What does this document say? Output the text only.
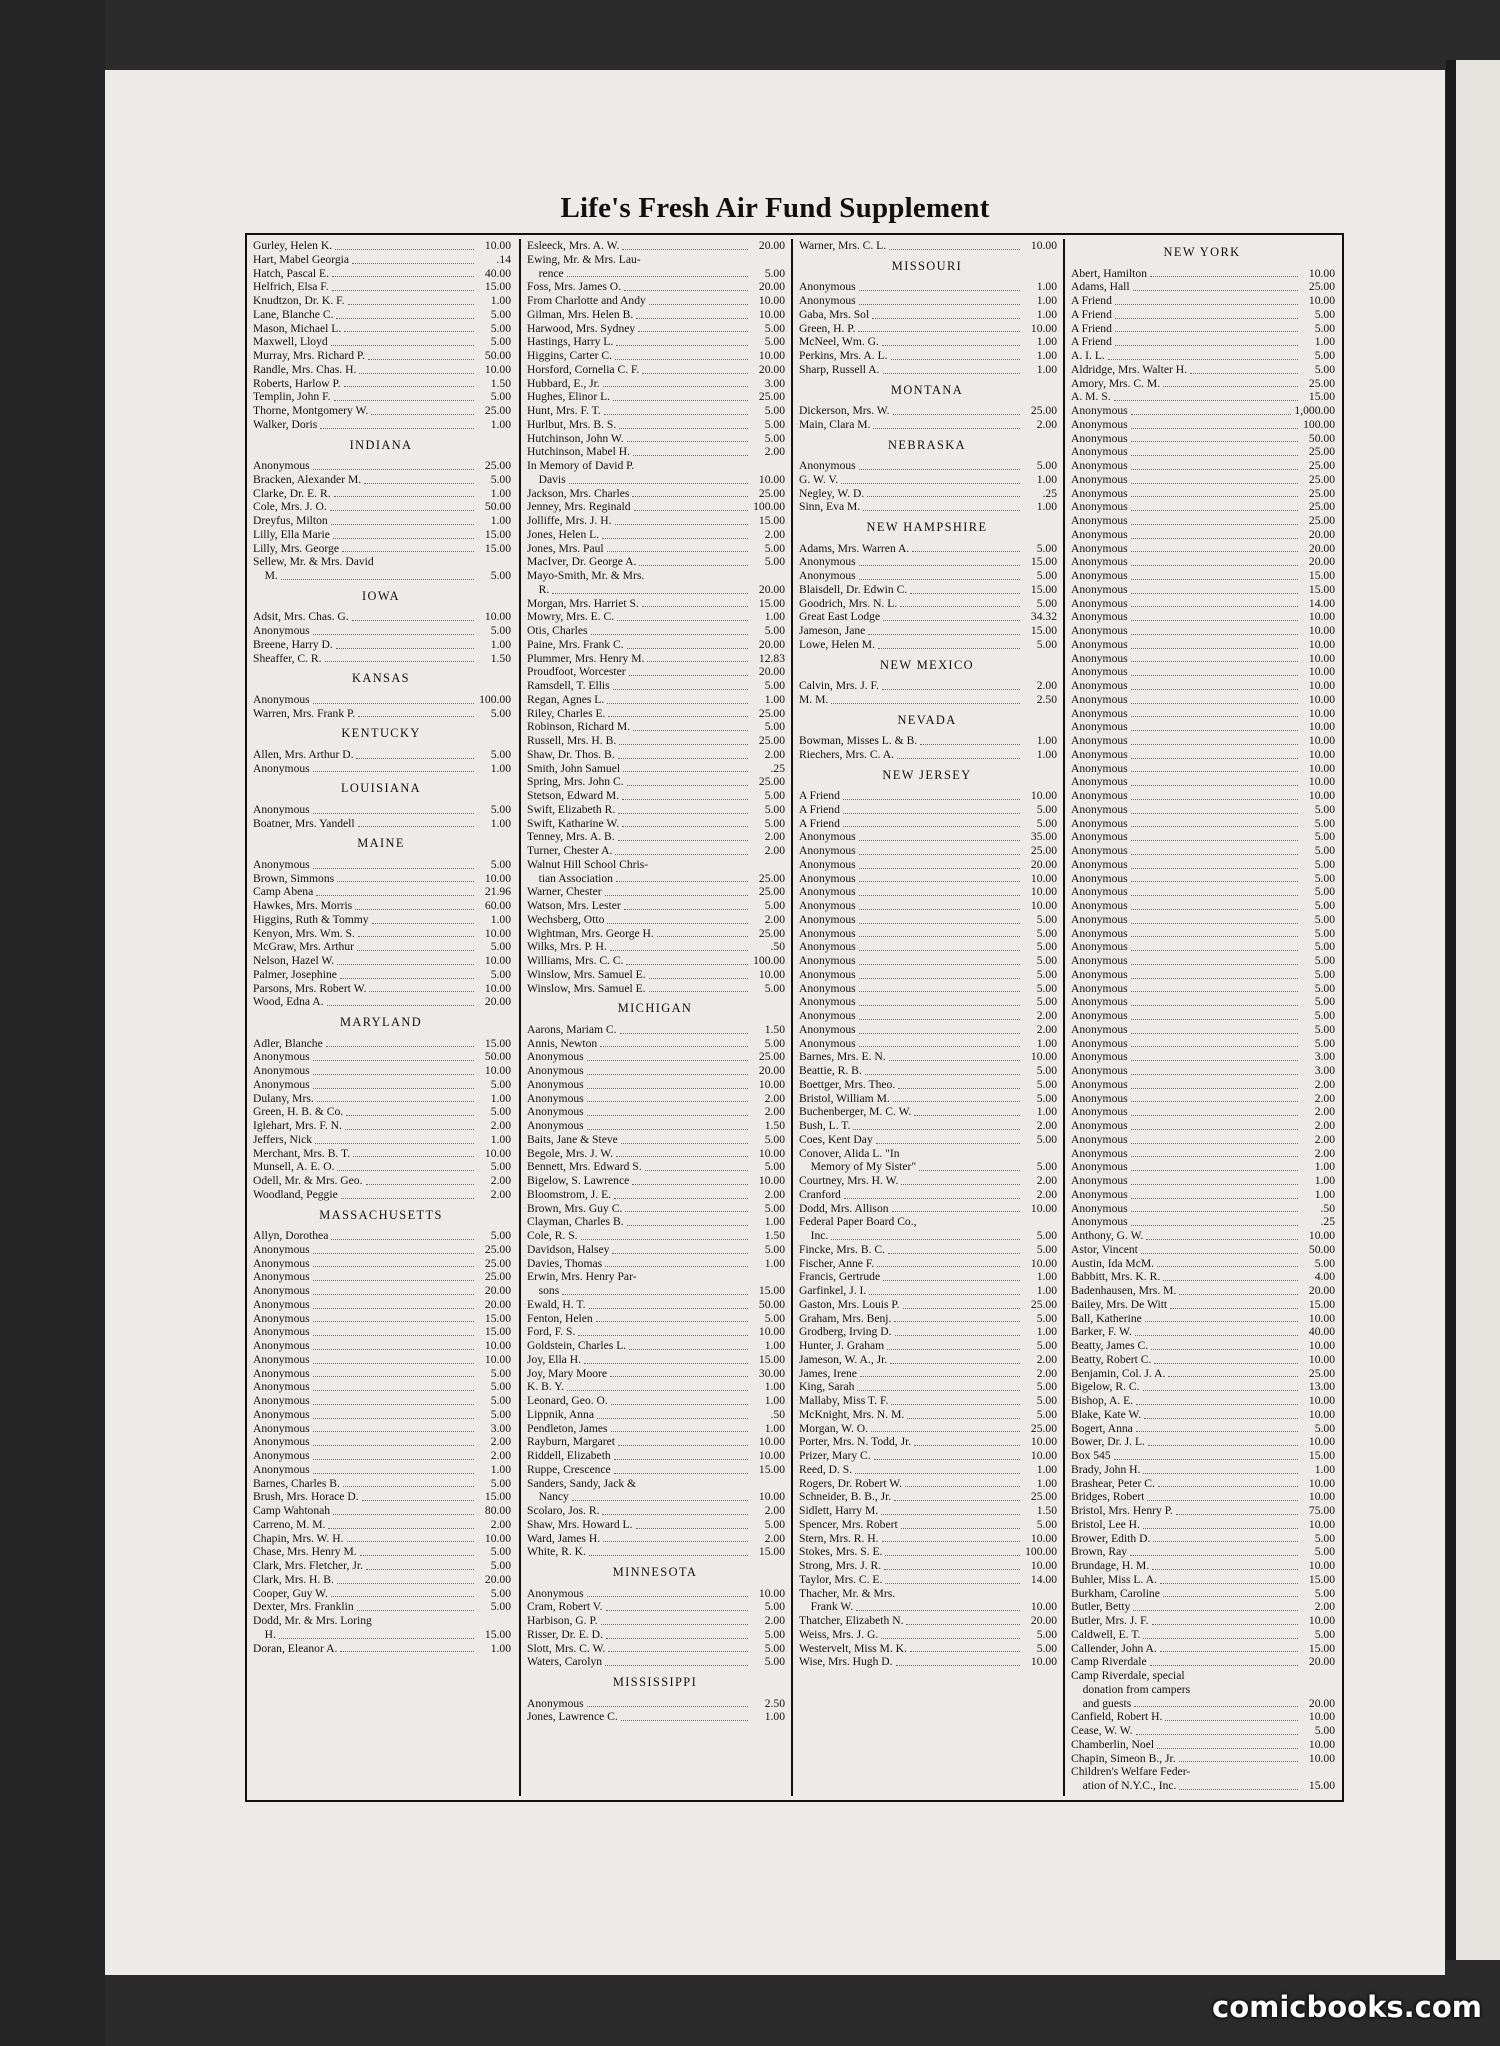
Life's Fresh Air Fund Supplement
Gurley, Helen K.	10.00
Hart, Mabel Georgia	.14
Hatch, Pascal E.	40.00
Helfrich, Elsa F.	15.00
Knudtzon, Dr. K. F.	1.00
Lane, Blanche C.	5.00
Mason, Michael L.	5.00
Maxwell, Lloyd	5.00
Murray, Mrs. Richard P.	50.00
Randle, Mrs. Chas. H.	10.00
Roberts, Harlow P.	1.50
Templin, John F.	5.00
Thorne, Montgomery W.	25.00
Walker, Doris	1.00
INDIANA
Anonymous	25.00
Bracken, Alexander M.	5.00
Clarke, Dr. E. R.	1.00
Cole, Mrs. J. O.	50.00
Dreyfus, Milton	1.00
Lilly, Ella Marie	15.00
Lilly, Mrs. George	15.00
Sellew, Mr. & Mrs. David
M.	5.00
IOWA
Adsit, Mrs. Chas. G.	10.00
Anonymous	5.00
Breene, Harry D.	1.00
Sheaffer, C. R.	1.50
KANSAS
Anonymous	100.00
Warren, Mrs. Frank P.	5.00
KENTUCKY
Allen, Mrs. Arthur D.	5.00
Anonymous	1.00
LOUISIANA
Anonymous	5.00
Boatner, Mrs. Yandell	1.00
MAINE
Anonymous	5.00
Brown, Simmons	10.00
Camp Abena	21.96
Hawkes, Mrs. Morris	60.00
Higgins, Ruth & Tommy	1.00
Kenyon, Mrs. Wm. S.	10.00
McGraw, Mrs. Arthur	5.00
Nelson, Hazel W.	10.00
Palmer, Josephine	5.00
Parsons, Mrs. Robert W.	10.00
Wood, Edna A.	20.00
MARYLAND
Adler, Blanche	15.00
Anonymous	50.00
Anonymous	10.00
Anonymous	5.00
Dulany, Mrs.	1.00
Green, H. B. & Co.	5.00
Iglehart, Mrs. F. N.	2.00
Jeffers, Nick	1.00
Merchant, Mrs. B. T.	10.00
Munsell, A. E. O.	5.00
Odell, Mr. & Mrs. Geo.	2.00
Woodland, Peggie	2.00
MASSACHUSETTS
Allyn, Dorothea	5.00
Anonymous	25.00
Anonymous	25.00
Anonymous	25.00
Anonymous	20.00
Anonymous	20.00
Anonymous	15.00
Anonymous	15.00
Anonymous	10.00
Anonymous	10.00
Anonymous	5.00
Anonymous	5.00
Anonymous	5.00
Anonymous	5.00
Anonymous	3.00
Anonymous	2.00
Anonymous	2.00
Anonymous	1.00
Barnes, Charles B.	5.00
Brush, Mrs. Horace D.	15.00
Camp Wahtonah	80.00
Carreno, M. M.	2.00
Chapin, Mrs. W. H.	10.00
Chase, Mrs. Henry M.	5.00
Clark, Mrs. Fletcher, Jr.	5.00
Clark, Mrs. H. B.	20.00
Cooper, Guy W.	5.00
Dexter, Mrs. Franklin	5.00
Dodd, Mr. & Mrs. Loring
H.	15.00
Doran, Eleanor A.	1.00
Esleeck, Mrs. A. W.	20.00
Ewing, Mr. & Mrs. Lau-
rence	5.00
Foss, Mrs. James O.	20.00
From Charlotte and Andy	10.00
Gilman, Mrs. Helen B.	10.00
Harwood, Mrs. Sydney	5.00
Hastings, Harry L.	5.00
Higgins, Carter C.	10.00
Horsford, Cornelia C. F.	20.00
Hubbard, E., Jr.	3.00
Hughes, Elinor L.	25.00
Hunt, Mrs. F. T.	5.00
Hurlbut, Mrs. B. S.	5.00
Hutchinson, John W.	5.00
Hutchinson, Mabel H.	2.00
In Memory of David P.
Davis	10.00
Jackson, Mrs. Charles	25.00
Jenney, Mrs. Reginald	100.00
Jolliffe, Mrs. J. H.	15.00
Jones, Helen L.	2.00
Jones, Mrs. Paul	5.00
MacIver, Dr. George A.	5.00
Mayo-Smith, Mr. & Mrs.
R.	20.00
Morgan, Mrs. Harriet S.	15.00
Mowry, Mrs. E. C.	1.00
Otis, Charles	5.00
Paine, Mrs. Frank C.	20.00
Plummer, Mrs. Henry M.	12.83
Proudfoot, Worcester	20.00
Ramsdell, T. Ellis	5.00
Regan, Agnes L.	1.00
Riley, Charles E.	25.00
Robinson, Richard M.	5.00
Russell, Mrs. H. B.	25.00
Shaw, Dr. Thos. B.	2.00
Smith, John Samuel	.25
Spring, Mrs. John C.	25.00
Stetson, Edward M.	5.00
Swift, Elizabeth R.	5.00
Swift, Katharine W.	5.00
Tenney, Mrs. A. B.	2.00
Turner, Chester A.	2.00
Walnut Hill School Chris-
tian Association	25.00
Warner, Chester	25.00
Watson, Mrs. Lester	5.00
Wechsberg, Otto	2.00
Wightman, Mrs. George H.	25.00
Wilks, Mrs. P. H.	.50
Williams, Mrs. C. C.	100.00
Winslow, Mrs. Samuel E.	10.00
Winslow, Mrs. Samuel E.	5.00
MICHIGAN
Aarons, Mariam C.	1.50
Annis, Newton	5.00
Anonymous	25.00
Anonymous	20.00
Anonymous	10.00
Anonymous	2.00
Anonymous	2.00
Anonymous	1.50
Baits, Jane & Steve	5.00
Begole, Mrs. J. W.	10.00
Bennett, Mrs. Edward S.	5.00
Bigelow, S. Lawrence	10.00
Bloomstrom, J. E.	2.00
Brown, Mrs. Guy C.	5.00
Clayman, Charles B.	1.00
Cole, R. S.	1.50
Davidson, Halsey	5.00
Davies, Thomas	1.00
Erwin, Mrs. Henry Par-
sons	15.00
Ewald, H. T.	50.00
Fenton, Helen	5.00
Ford, F. S.	10.00
Goldstein, Charles L.	1.00
Joy, Ella H.	15.00
Joy, Mary Moore	30.00
K. B. Y.	1.00
Leonard, Geo. O.	1.00
Lippnik, Anna	.50
Pendleton, James	1.00
Rayburn, Margaret	10.00
Riddell, Elizabeth	10.00
Ruppe, Crescence	15.00
Sanders, Sandy, Jack &
Nancy	10.00
Scolaro, Jos. R.	2.00
Shaw, Mrs. Howard L.	5.00
Ward, James H.	2.00
White, R. K.	15.00
MINNESOTA
Anonymous	10.00
Cram, Robert V.	5.00
Harbison, G. P.	2.00
Risser, Dr. E. D.	5.00
Slott, Mrs. C. W.	5.00
Waters, Carolyn	5.00
MISSISSIPPI
Anonymous	2.50
Jones, Lawrence C.	1.00
Warner, Mrs. C. L.	10.00
MISSOURI
Anonymous	1.00
Anonymous	1.00
Gaba, Mrs. Sol	1.00
Green, H. P.	10.00
McNeel, Wm. G.	1.00
Perkins, Mrs. A. L.	1.00
Sharp, Russell A.	1.00
MONTANA
Dickerson, Mrs. W.	25.00
Main, Clara M.	2.00
NEBRASKA
Anonymous	5.00
G. W. V.	1.00
Negley, W. D.	.25
Sinn, Eva M.	1.00
NEW HAMPSHIRE
Adams, Mrs. Warren A.	5.00
Anonymous	15.00
Anonymous	5.00
Blaisdell, Dr. Edwin C.	15.00
Goodrich, Mrs. N. L.	5.00
Great East Lodge	34.32
Jameson, Jane	15.00
Lowe, Helen M.	5.00
NEW MEXICO
Calvin, Mrs. J. F.	2.00
M. M.	2.50
NEVADA
Bowman, Misses L. & B.	1.00
Riechers, Mrs. C. A.	1.00
NEW JERSEY
A Friend	10.00
A Friend	5.00
A Friend	5.00
Anonymous	35.00
Anonymous	25.00
Anonymous	20.00
Anonymous	10.00
Anonymous	10.00
Anonymous	10.00
Anonymous	5.00
Anonymous	5.00
Anonymous	5.00
Anonymous	5.00
Anonymous	5.00
Anonymous	5.00
Anonymous	5.00
Anonymous	2.00
Anonymous	2.00
Anonymous	1.00
Barnes, Mrs. E. N.	10.00
Beattie, R. B.	5.00
Boettger, Mrs. Theo.	5.00
Bristol, William M.	5.00
Buchenberger, M. C. W.	1.00
Bush, L. T.	2.00
Coes, Kent Day	5.00
Conover, Alida L. "In
Memory of My Sister"	5.00
Courtney, Mrs. H. W.	2.00
Cranford	2.00
Dodd, Mrs. Allison	10.00
Federal Paper Board Co.,
Inc.	5.00
Fincke, Mrs. B. C.	5.00
Fischer, Anne F.	10.00
Francis, Gertrude	1.00
Garfinkel, J. I.	1.00
Gaston, Mrs. Louis P.	25.00
Graham, Mrs. Benj.	5.00
Grodberg, Irving D.	1.00
Hunter, J. Graham	5.00
Jameson, W. A., Jr.	2.00
James, Irene	2.00
King, Sarah	5.00
Mallaby, Miss T. F.	5.00
McKnight, Mrs. N. M.	5.00
Morgan, W. O.	25.00
Porter, Mrs. N. Todd, Jr.	10.00
Prizer, Mary C.	10.00
Reed, D. S.	1.00
Rogers, Dr. Robert W.	1.00
Schneider, B. B., Jr.	25.00
Sidlett, Harry M.	1.50
Spencer, Mrs. Robert	5.00
Stern, Mrs. R. H.	10.00
Stokes, Mrs. S. E.	100.00
Strong, Mrs. J. R.	10.00
Taylor, Mrs. C. E.	14.00
Thacher, Mr. & Mrs.
Frank W.	10.00
Thatcher, Elizabeth N.	20.00
Weiss, Mrs. J. G.	5.00
Westervelt, Miss M. K.	5.00
Wise, Mrs. Hugh D.	10.00
NEW YORK
Abert, Hamilton	10.00
Adams, Hall	25.00
A Friend	10.00
A Friend	5.00
A Friend	5.00
A Friend	1.00
A. I. L.	5.00
Aldridge, Mrs. Walter H.	5.00
Amory, Mrs. C. M.	25.00
A. M. S.	15.00
Anonymous	1,000.00
Anonymous	100.00
Anonymous	50.00
Anonymous	25.00
Anonymous	25.00
Anonymous	25.00
Anonymous	25.00
Anonymous	25.00
Anonymous	25.00
Anonymous	20.00
Anonymous	20.00
Anonymous	20.00
Anonymous	15.00
Anonymous	15.00
Anonymous	14.00
Anonymous	10.00
Anonymous	10.00
Anonymous	10.00
Anonymous	10.00
Anonymous	10.00
Anonymous	10.00
Anonymous	10.00
Anonymous	10.00
Anonymous	10.00
Anonymous	10.00
Anonymous	10.00
Anonymous	10.00
Anonymous	10.00
Anonymous	10.00
Anonymous	5.00
Anonymous	5.00
Anonymous	5.00
Anonymous	5.00
Anonymous	5.00
Anonymous	5.00
Anonymous	5.00
Anonymous	5.00
Anonymous	5.00
Anonymous	5.00
Anonymous	5.00
Anonymous	5.00
Anonymous	5.00
Anonymous	5.00
Anonymous	5.00
Anonymous	5.00
Anonymous	5.00
Anonymous	5.00
Anonymous	3.00
Anonymous	3.00
Anonymous	2.00
Anonymous	2.00
Anonymous	2.00
Anonymous	2.00
Anonymous	2.00
Anonymous	2.00
Anonymous	1.00
Anonymous	1.00
Anonymous	1.00
Anonymous	.50
Anonymous	.25
Anthony, G. W.	10.00
Astor, Vincent	50.00
Austin, Ida McM.	5.00
Babbitt, Mrs. K. R.	4.00
Badenhausen, Mrs. M.	20.00
Bailey, Mrs. De Witt	15.00
Ball, Katherine	10.00
Barker, F. W.	40.00
Beatty, James C.	10.00
Beatty, Robert C.	10.00
Benjamin, Col. J. A.	25.00
Bigelow, R. C.	13.00
Bishop, A. E.	10.00
Blake, Kate W.	10.00
Bogert, Anna	5.00
Bower, Dr. J. L.	10.00
Box 545	15.00
Brady, John H.	1.00
Brashear, Peter C.	10.00
Bridges, Robert	10.00
Bristol, Mrs. Henry P.	75.00
Bristol, Lee H.	10.00
Brower, Edith D.	5.00
Brown, Ray	5.00
Brundage, H. M.	10.00
Buhler, Miss L. A.	15.00
Burkham, Caroline	5.00
Butler, Betty	2.00
Butler, Mrs. J. F.	10.00
Caldwell, E. T.	5.00
Callender, John A.	15.00
Camp Riverdale	20.00
Camp Riverdale, special
donation from campers
and guests	20.00
Canfield, Robert H.	10.00
Cease, W. W.	5.00
Chamberlin, Noel	10.00
Chapin, Simeon B., Jr.	10.00
Children's Welfare Feder-
ation of N.Y.C., Inc.	15.00
comicbooks.com
